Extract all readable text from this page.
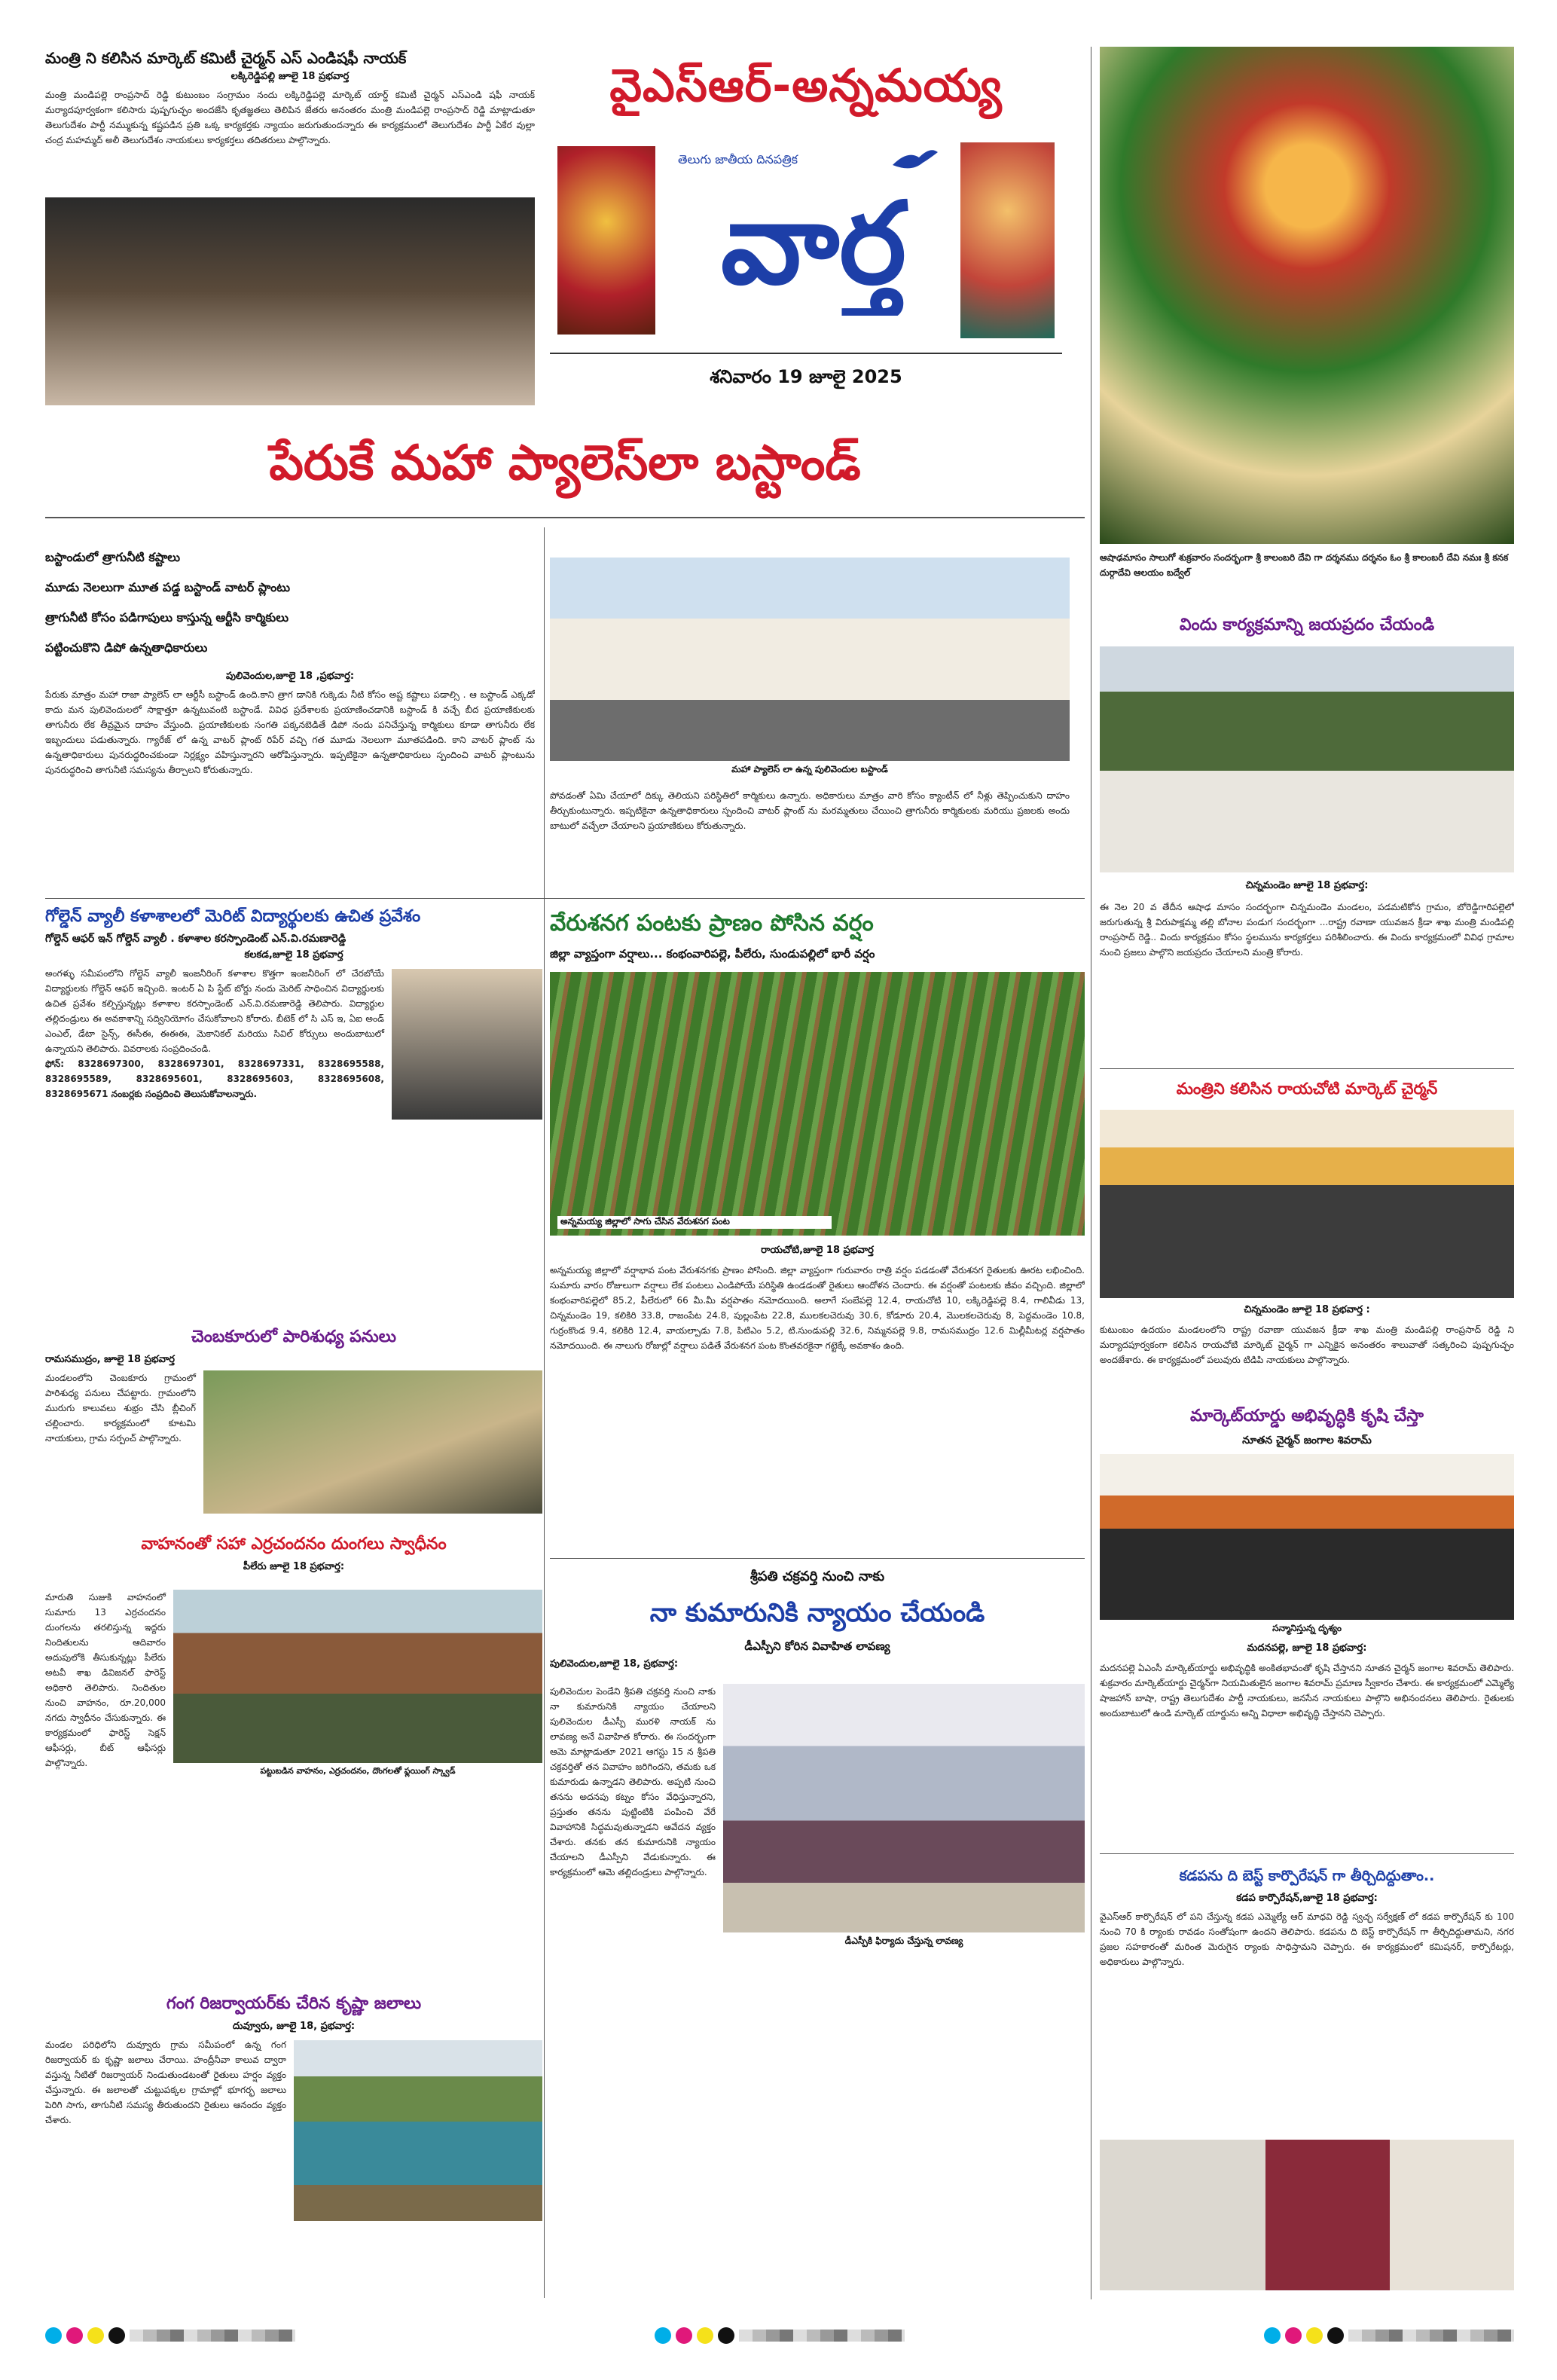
మంత్రి ని కలిసిన మార్కెట్ కమిటీ చైర్మన్ ఎస్ ఎండిషఫీ నాయక్
లక్కిరెడ్డిపల్లి జూలై 18 ప్రభవార్త
మంత్రి మండిపల్లె రాంప్రసాద్ రెడ్డి కుటుంబం సంగ్రామం నందు లక్కిరెడ్డిపల్లె మార్కెట్ యార్డ్ కమిటీ చైర్మన్ ఎస్ఎండి షఫీ నాయక్ మర్యాదపూర్వకంగా కలిసారు పుష్పగుచ్ఛం అందజేసి కృతజ్ఞతలు తెలిపిన జేతరు అనంతరం మంత్రి మండిపల్లె రాంప్రసాద్ రెడ్డి మాట్లాడుతూ తెలుగుదేశం పార్టీ నమ్ముకున్న కష్టపడిన ప్రతి ఒక్క కార్యకర్తకు న్యాయం జరుగుతుందన్నారు ఈ కార్యక్రమంలో తెలుగుదేశం పార్టీ ఏకేర వుల్లా చంద్ర మహమ్మద్ అలీ తెలుగుదేశం నాయకులు కార్యకర్తలు తదితరులు పాల్గొన్నారు.
వైఎస్ఆర్-అన్నమయ్య
తెలుగు జాతీయ దినపత్రిక
వార్త
శనివారం 19 జూలై 2025
ఆషాఢమాసం సాలుగో శుక్రవారం సందర్భంగా శ్రీ కాలంబరి దేవి గా దర్శనము దర్శనం ఓం శ్రీ కాలంబరీ దేవి నమః శ్రీ కనక దుర్గాదేవి ఆలయం బద్వేల్
పేరుకే మహా ప్యాలెస్‌లా బస్టాండ్
బస్టాండులో త్రాగునీటి కష్టాలు
మూడు నెలలుగా మూత పడ్డ బస్టాండ్ వాటర్ ప్లాంటు
త్రాగునీటి కోసం పడిగాపులు కాస్తున్న ఆర్టీసి కార్మికులు
పట్టించుకొని డిపో ఉన్నతాధికారులు
పులివెందుల,జూలై 18 ,ప్రభవార్త:
పేరుకు మాత్రం మహా రాజా ప్యాలెస్ లా ఆర్టీసీ బస్టాండ్ ఉంది.కాని త్రాగ డానికి గుక్కెడు నీటి కోసం అష్ట కష్టాలు పడాల్సి . ఆ బస్టాండ్ ఎక్కడో కాదు మన పులివెందులలో సాక్షాత్తూ ఉన్నటువంటి బస్టాండే. వివిధ ప్రదేశాలకు ప్రయాణించడానికి బస్టాండ్ కి వచ్చే బీద ప్రయాణికులకు తాగునీరు లేక తీవ్రమైన దాహం వేస్తుంది. ప్రయాణికులకు సంగతి పక్కనబెడితే డిపో నందు పనిచేస్తున్న కార్మికులు కూడా తాగునీరు లేక ఇబ్బందులు పడుతున్నారు. గ్యారేజ్ లో ఉన్న వాటర్ ప్లాంట్ రిపేర్ వచ్చి గత మూడు నెలలుగా మూతపడింది. కాని వాటర్ ప్లాంట్ ను ఉన్నతాధికారులు పునరుద్ధరించకుండా నిర్లక్ష్యం వహిస్తున్నారని ఆరోపిస్తున్నారు. ఇప్పటికైనా ఉన్నతాధికారులు స్పందించి వాటర్ ప్లాంటును పునరుద్ధరించి తాగునీటి సమస్యను తీర్చాలని కోరుతున్నారు.	మహా ప్యాలెస్ లా ఉన్న పులివెందుల బస్టాండ్
పోవడంతో ఏమి చేయాలో దిక్కు తెలియని పరిస్థితిలో కార్మికులు ఉన్నారు. అధికారులు మాత్రం వారి కోసం క్యాంటీన్ లో నీళ్లు తెప్పించుకుని దాహం తీర్చుకుంటున్నారు. ఇప్పటికైనా ఉన్నతాధికారులు స్పందించి వాటర్ ప్లాంట్ ను మరమ్మతులు చేయించి త్రాగునీరు కార్మికులకు మరియు ప్రజలకు అందు బాటులో వచ్చేలా చేయాలని ప్రయాణికులు కోరుతున్నారు.
విందు కార్యక్రమాన్ని జయప్రదం చేయండి
చిన్నమండెం జూలై 18 ప్రభవార్త:
ఈ నెల 20 వ తేదీన ఆషాఢ మాసం సందర్భంగా చిన్నమండెం మండలం, పడమటికోన గ్రామం, బోరెడ్డిగారిపల్లెలో జరుగుతున్న శ్రీ విరుపాక్షమ్మ తల్లి బోనాల పండుగ సందర్భంగా ...రాష్ట్ర రవాణా యువజన క్రీడా శాఖ మంత్రి మండిపల్లి రాంప్రసాద్ రెడ్డి.. విందు కార్యక్రమం కోసం స్థలమును కార్యకర్తలు పరిశీలించారు. ఈ విందు కార్యక్రమంలో వివిధ గ్రామాల నుంచి ప్రజలు పాల్గొని జయప్రదం చేయాలని మంత్రి కోరారు.
గోల్డెన్ వ్యాలీ కళాశాలలో మెరిట్ విద్యార్థులకు ఉచిత ప్రవేశం
గోల్డెన్ ఆఫర్ ఇన్ గోల్డెన్ వ్యాలీ . కళాశాల కరస్పాండెంట్ ఎన్.వి.రమణారెడ్డి
కలకడ,జూలై 18 ప్రభవార్త
అంగళ్ళు సమీపంలోని గోల్డెన్ వ్యాలీ ఇంజనీరింగ్ కళాశాల కొత్తగా ఇంజనీరింగ్ లో చేరబోయే విద్యార్థులకు గోల్డెన్ ఆఫర్ ఇచ్చింది. ఇంటర్ ఏ పి స్టేట్ బోర్డు నందు మెరిట్ సాధించిన విద్యార్థులకు ఉచిత ప్రవేశం కల్పిస్తున్నట్లు కళాశాల కరస్పాండెంట్ ఎన్.వి.రమణారెడ్డి తెలిపారు. విద్యార్థుల తల్లిదండ్రులు ఈ అవకాశాన్ని సద్వినియోగం చేసుకోవాలని కోరారు. బీటెక్ లో సి ఎస్ ఇ, ఏఐ అండ్ ఎంఎల్, డేటా సైన్స్, ఈసీఈ, ఈఈఈ, మెకానికల్ మరియు సివిల్ కోర్సులు అందుబాటులో ఉన్నాయని తెలిపారు. వివరాలకు సంప్రదించండి.
ఫోన్: 8328697300, 8328697301, 8328697331, 8328695588, 8328695589, 8328695601, 8328695603, 8328695608, 8328695671 నంబర్లకు సంప్రదించి తెలుసుకోవాలన్నారు.
వేరుశనగ పంటకు ప్రాణం పోసిన వర్షం
జిల్లా వ్యాప్తంగా వర్షాలు... కంభంవారిపల్లె, పీలేరు, సుండుపల్లిలో భారీ వర్షం
అన్నమయ్య జిల్లాలో సాగు చేసిన వేరుశనగ పంట
రాయచోటి,జూలై 18 ప్రభవార్త
అన్నమయ్య జిల్లాలో వర్షాభావ పంట వేరుశనగకు ప్రాణం పోసింది. జిల్లా వ్యాప్తంగా గురువారం రాత్రి వర్షం పడడంతో వేరుశనగ రైతులకు ఊరట లభించింది. సుమారు వారం రోజులుగా వర్షాలు లేక పంటలు ఎండిపోయే పరిస్థితి ఉండడంతో రైతులు ఆందోళన చెందారు. ఈ వర్షంతో పంటలకు జీవం వచ్చింది. జిల్లాలో కంభంవారిపల్లెలో 85.2, పీలేరులో 66 మీ.మీ వర్షపాతం నమోదయింది. అలాగే సంబేపల్లె 12.4, రాయచోటి 10, లక్కిరెడ్డిపల్లె 8.4, గాలివీడు 13, చిన్నమండెం 19, కలికిరి 33.8, రాజంపేట 24.8, పుల్లంపేట 22.8, ములకలచెరువు 30.6, కోడూరు 20.4, మొలకలచెరువు 8, పెద్దమండెం 10.8, గుర్రంకొండ 9.4, కలికిరి 12.4, వాయల్పాడు 7.8, పిటిఎం 5.2, టి.సుండుపల్లి 32.6, నిమ్మనపల్లె 9.8, రామసముద్రం 12.6 మిల్లీమీటర్ల వర్షపాతం నమోదయింది. ఈ నాలుగు రోజుల్లో వర్షాలు పడితే వేరుశనగ పంట కొంతవరకైనా గట్టెక్కే అవకాశం ఉంది.
మంత్రిని కలిసిన రాయచోటి మార్కెట్ చైర్మన్
చిన్నమండెం జూలై 18 ప్రభవార్త :
కుటుంబం ఉదయం మండలంలోని రాష్ట్ర రవాణా యువజన క్రీడా శాఖ మంత్రి మండిపల్లి రాంప్రసాద్ రెడ్డి ని మర్యాదపూర్వకంగా కలిసిన రాయచోటి మార్కెట్ చైర్మన్ గా ఎన్నికైన అనంతరం శాలువాతో సత్కరించి పుష్పగుచ్ఛం అందజేశారు. ఈ కార్యక్రమంలో పలువురు టిడిపి నాయకులు పాల్గొన్నారు.
చెంబకూరులో పారిశుధ్య పనులు
రామసముద్రం, జూలై 18 ప్రభవార్త
మండలంలోని చెంబకూరు గ్రామంలో పారిశుధ్య పనులు చేపట్టారు. గ్రామంలోని మురుగు కాలువలు శుభ్రం చేసి బ్లీచింగ్ చల్లించారు. కార్యక్రమంలో కూటమి నాయకులు, గ్రామ సర్పంచ్ పాల్గొన్నారు.
వాహనంతో సహా ఎర్రచందనం దుంగలు స్వాధీనం
పీలేరు జూలై 18 ప్రభవార్త:
పట్టుబడిన వాహనం, ఎర్రచందనం, దొంగలతో ఫ్లయింగ్ స్క్వాడ్
మారుతి సుజుకి వాహనంలో సుమారు 13 ఎర్రచందనం దుంగలను తరలిస్తున్న ఇద్దరు నిందితులను ఆదివారం అదుపులోకి తీసుకున్నట్లు పీలేరు అటవీ శాఖ డివిజనల్ ఫారెస్ట్ అధికారి తెలిపారు. నిందితుల నుంచి వాహనం, రూ.20,000 నగదు స్వాధీనం చేసుకున్నారు. ఈ కార్యక్రమంలో ఫారెస్ట్ సెక్షన్ ఆఫీసర్లు, బీట్ ఆఫీసర్లు పాల్గొన్నారు.
గంగ రిజర్వాయర్‌కు చేరిన కృష్ణా జలాలు
దువ్వూరు, జూలై 18, ప్రభవార్త:
మండల పరిధిలోని దువ్వూరు గ్రామ సమీపంలో ఉన్న గంగ రిజర్వాయర్ కు కృష్ణా జలాలు చేరాయి. హంద్రీనీవా కాలువ ద్వారా వస్తున్న నీటితో రిజర్వాయర్ నిండుతుండటంతో రైతులు హర్షం వ్యక్తం చేస్తున్నారు. ఈ జలాలతో చుట్టుపక్కల గ్రామాల్లో భూగర్భ జలాలు పెరిగి సాగు, తాగునీటి సమస్య తీరుతుందని రైతులు ఆనందం వ్యక్తం చేశారు.
శ్రీపతి చక్రవర్తి నుంచి నాకు
నా కుమారునికి న్యాయం చేయండి
డీఎస్పీని కోరిన వివాహిత లావణ్య
పులివెందుల,జూలై 18, ప్రభవార్త:
డీఎస్పీకి ఫిర్యాదు చేస్తున్న లావణ్య
పులివెందుల పెండేని శ్రీపతి చక్రవర్తి నుంచి నాకు నా కుమారునికి న్యాయం చేయాలని పులివెందుల డీఎస్పీ మురళి నాయక్ ను లావణ్య అనే వివాహిత కోరారు. ఈ సందర్భంగా ఆమె మాట్లాడుతూ 2021 ఆగస్టు 15 న శ్రీపతి చక్రవర్తితో తన వివాహం జరిగిందని, తమకు ఒక కుమారుడు ఉన్నాడని తెలిపారు. అప్పటి నుంచి తనను అదనపు కట్నం కోసం వేధిస్తున్నారని, ప్రస్తుతం తనను పుట్టింటికి పంపించి వేరే వివాహానికి సిద్ధమవుతున్నాడని ఆవేదన వ్యక్తం చేశారు. తనకు తన కుమారునికి న్యాయం చేయాలని డీఎస్పీని వేడుకున్నారు. ఈ కార్యక్రమంలో ఆమె తల్లిదండ్రులు పాల్గొన్నారు.
మార్కెట్‌యార్డు అభివృద్ధికి కృషి చేస్తా
నూతన చైర్మన్ జంగాల శివరామ్
సన్మానిస్తున్న దృశ్యం
మదనపల్లె, జూలై 18 ప్రభవార్త:
మదనపల్లె ఏఎంసీ మార్కెట్‌యార్డు అభివృద్ధికి అంకితభావంతో కృషి చేస్తానని నూతన చైర్మన్ జంగాల శివరామ్ తెలిపారు. శుక్రవారం మార్కెట్‌యార్డు చైర్మన్‌గా నియమితులైన జంగాల శివరామ్ ప్రమాణ స్వీకారం చేశారు. ఈ కార్యక్రమంలో ఎమ్మెల్యే షాజహాన్ బాషా, రాష్ట్ర తెలుగుదేశం పార్టీ నాయకులు, జనసేన నాయకులు పాల్గొని అభినందనలు తెలిపారు. రైతులకు అందుబాటులో ఉండి మార్కెట్ యార్డును అన్ని విధాలా అభివృద్ధి చేస్తానని చెప్పారు.
కడపను ది బెస్ట్ కార్పొరేషన్ గా తీర్చిదిద్దుతాం..
కడప కార్పొరేషన్,జూలై 18 ప్రభవార్త:
వైఎస్ఆర్ కార్పొరేషన్ లో పని చేస్తున్న కడప ఎమ్మెల్యే ఆర్ మాధవి రెడ్డి స్వచ్ఛ సర్వేక్షణ్ లో కడప కార్పొరేషన్ కు 100 నుంచి 70 కి ర్యాంకు రావడం సంతోషంగా ఉందని తెలిపారు. కడపను ది బెస్ట్ కార్పొరేషన్ గా తీర్చిదిద్దుతామని, నగర ప్రజల సహకారంతో మరింత మెరుగైన ర్యాంకు సాధిస్తామని చెప్పారు. ఈ కార్యక్రమంలో కమిషనర్, కార్పొరేటర్లు, అధికారులు పాల్గొన్నారు.
